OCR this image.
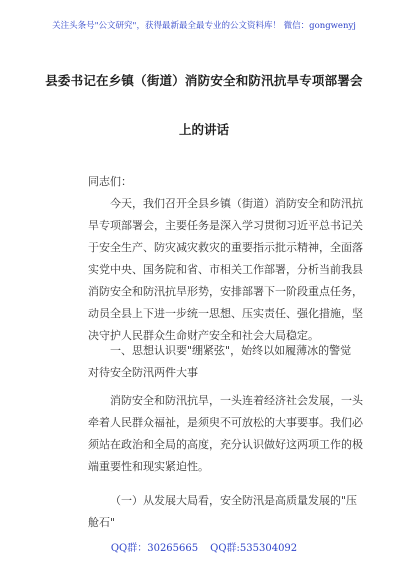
关注头条号"公文研究"，获得最新最全最专业的公文资料库！ 微信：gongwenyj
县委书记在乡镇（街道）消防安全和防汛抗旱专项部署会
上的讲话
同志们：
今天，我们召开全县乡镇（街道）消防安全和防汛抗
旱专项部署会，主要任务是深入学习贯彻习近平总书记关
于安全生产、防灾减灾救灾的重要指示批示精神，全面落
实党中央、国务院和省、市相关工作部署，分析当前我县
消防安全和防汛抗旱形势，安排部署下一阶段重点任务，
动员全县上下进一步统一思想、压实责任、强化措施，坚
决守护人民群众生命财产安全和社会大局稳定。
一、思想认识要"绷紧弦"，始终以如履薄冰的警觉
对待安全防汛两件大事
消防安全和防汛抗旱，一头连着经济社会发展，一头
牵着人民群众福祉，是须臾不可放松的大事要事。我们必
须站在政治和全局的高度，充分认识做好这两项工作的极
端重要性和现实紧迫性。
（一）从发展大局看，安全防汛是高质量发展的"压
舱石"
QQ群：30265665 QQ群:535304092
